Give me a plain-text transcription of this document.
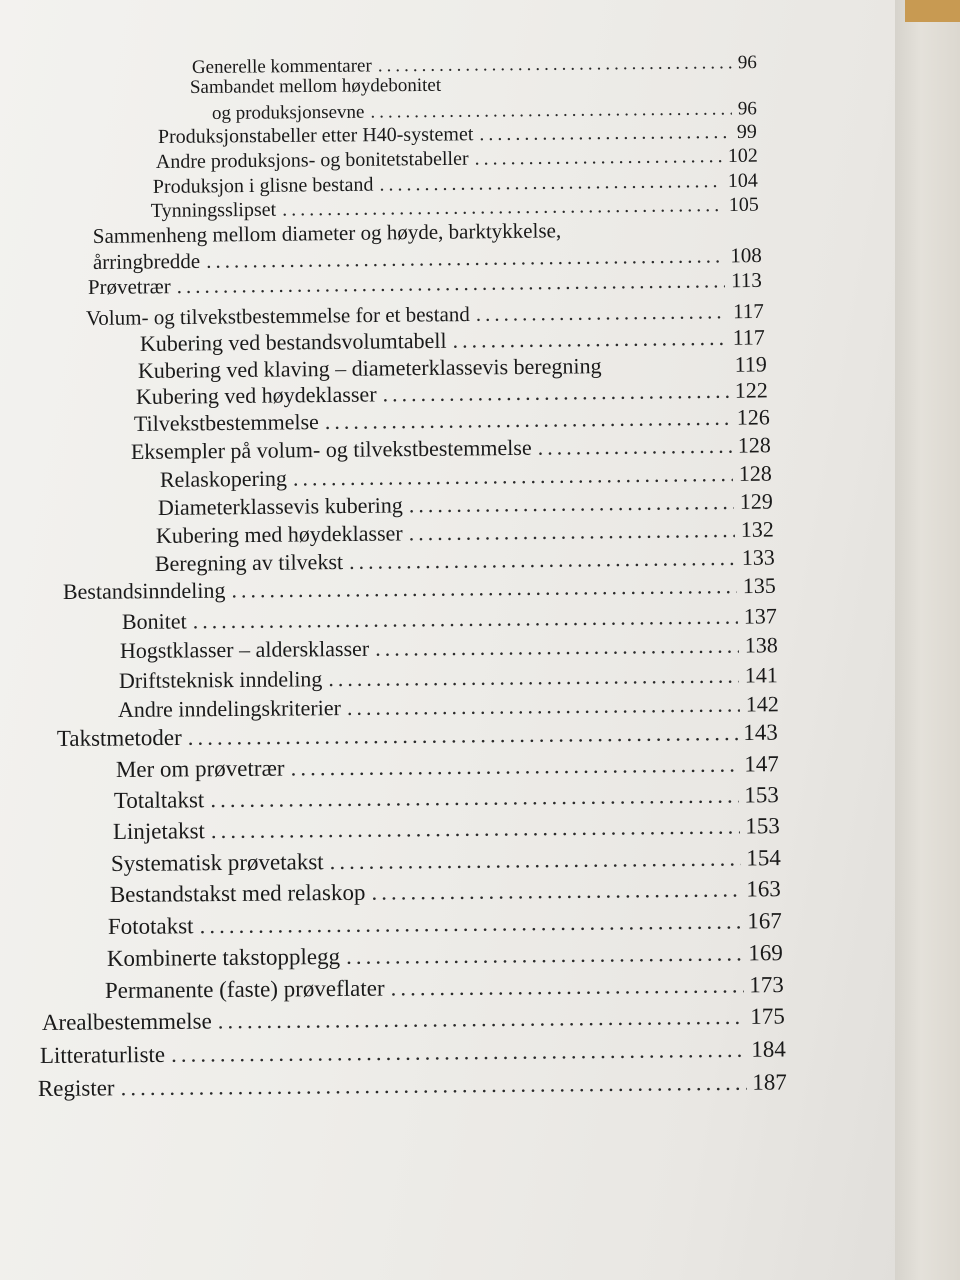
Generelle kommentarer .....	96
Sambandet mellom høydebonitet
og produksjonsevne .....	96
Produksjonstabeller etter H40-systemet .....	99
Andre produksjons- og bonitetstabeller .....	102
Produksjon i glisne bestand .....	104
Tynningsslipset .....	105
Sammenheng mellom diameter og høyde, barktykkelse,
årringbredde .....	108
Prøvetrær .....	113
Volum- og tilvekstbestemmelse for et bestand .....	117
Kubering ved bestandsvolumtabell .....	117
Kubering ved klaving – diameterklassevis beregning	119
Kubering ved høydeklasser .....	122
Tilvekstbestemmelse .....	126
Eksempler på volum- og tilvekstbestemmelse .....	128
Relaskopering .....	128
Diameterklassevis kubering .....	129
Kubering med høydeklasser .....	132
Beregning av tilvekst .....	133
Bestandsinndeling .....	135
Bonitet .....	137
Hogstklasser – aldersklasser .....	138
Driftsteknisk inndeling .....	141
Andre inndelingskriterier .....	142
Takstmetoder .....	143
Mer om prøvetrær .....	147
Totaltakst .....	153
Linjetakst .....	153
Systematisk prøvetakst .....	154
Bestandstakst med relaskop .....	163
Fototakst .....	167
Kombinerte takstopplegg .....	169
Permanente (faste) prøveflater .....	173
Arealbestemmelse .....	175
Litteraturliste .....	184
Register .....	187
